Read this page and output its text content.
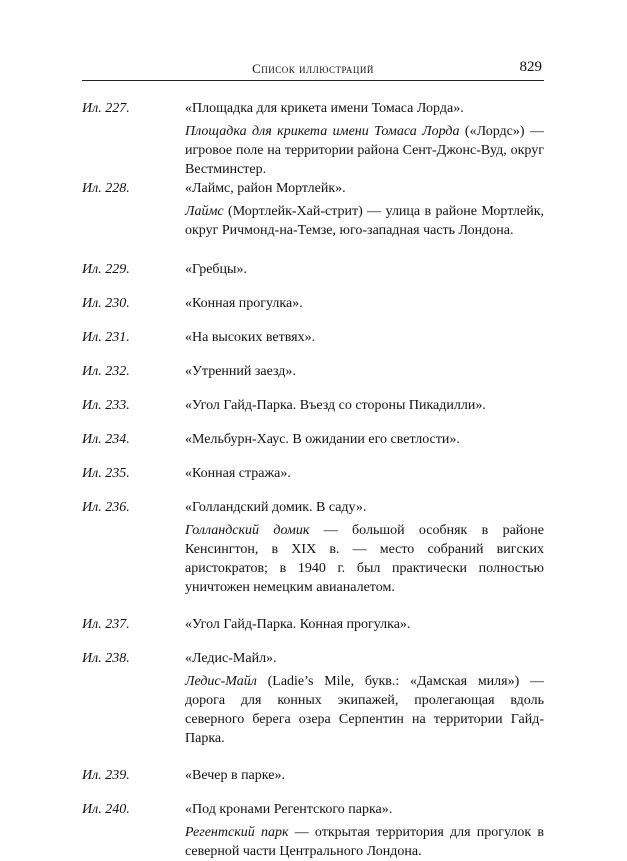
Список иллюстраций	829
Ил. 227.	«Площадка для крикета имени Томаса Лорда».

Площадка для крикета имени Томаса Лорда («Лордс») — игровое поле на территории района Сент-Джонс-Вуд, округ Вестминстер.

Ил. 228.	«Лаймс, район Мортлейк».

Лаймс (Мортлейк-Хай-стрит) — улица в районе Мортлейк, округ Ричмонд-на-Темзе, юго-западная часть Лондона.

Ил. 229.	«Гребцы».

Ил. 230.	«Конная прогулка».

Ил. 231.	«На высоких ветвях».

Ил. 232.	«Утренний заезд».

Ил. 233.	«Угол Гайд-Парка. Въезд со стороны Пикадилли».

Ил. 234.	«Мельбурн-Хаус. В ожидании его светлости».

Ил. 235.	«Конная стража».

Ил. 236.	«Голландский домик. В саду».

Голландский домик — большой особняк в районе Кенсингтон, в XIX в. — место собраний вигских аристократов; в 1940 г. был практически полностью уничтожен немецким авианалетом.

Ил. 237.	«Угол Гайд-Парка. Конная прогулка».

Ил. 238.	«Ледис-Майл».

Ледис-Майл (Ladie’s Mile, букв.: «Дамская миля») — дорога для конных экипажей, пролегающая вдоль северного берега озера Серпентин на территории Гайд-Парка.

Ил. 239.	«Вечер в парке».

Ил. 240.	«Под кронами Регентского парка».

Регентский парк — открытая территория для прогулок в северной части Центрального Лондона.
